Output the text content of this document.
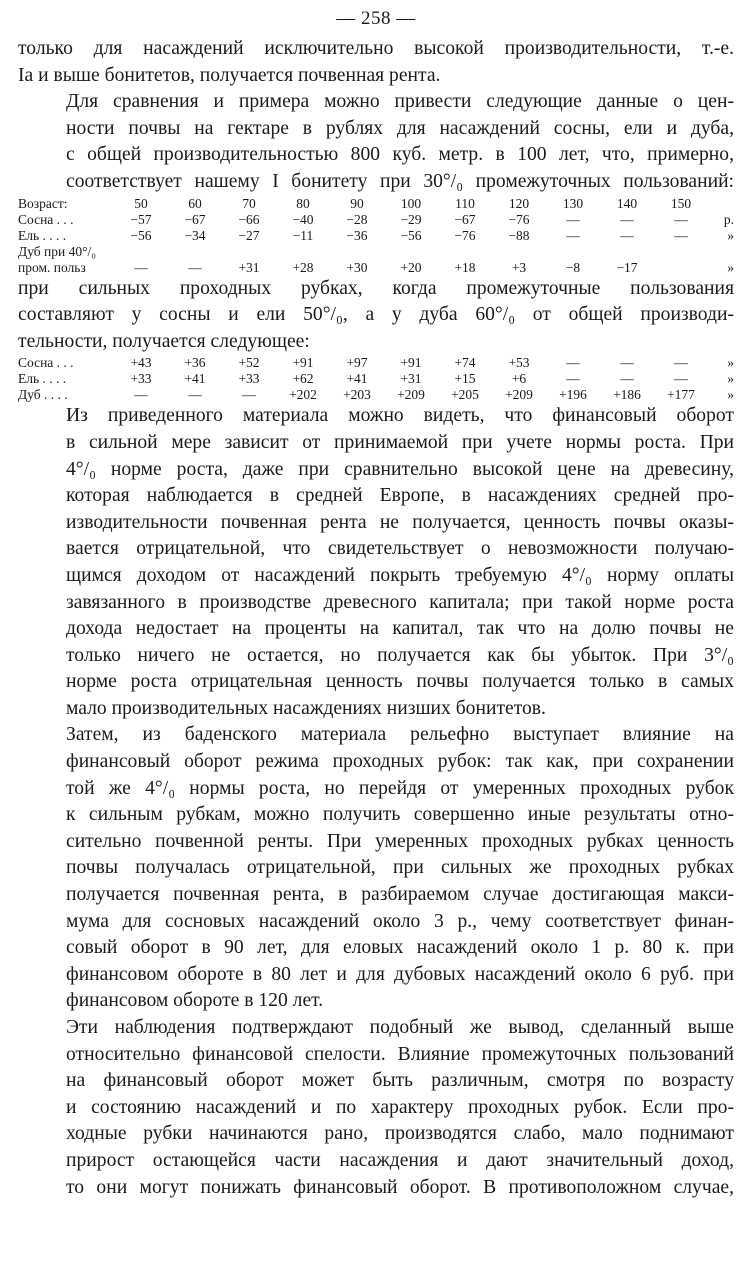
— 258 —

только для насаждений исключительно высокой производительности, т.-е.
Ia и выше бонитетов, получается почвенная рента.

Для сравнения и примера можно привести следующие данные о цен-
ности почвы на гектаре в рублях для насаждений сосны, ели и дуба,
с общей производительностью 800 куб. метр. в 100 лет, что, примерно,
соответствует нашему I бонитету при 30°/₀ промежуточных пользований:

Возраст:	50	60	70	80	90	100	110	120	130	140	150	
Сосна . . .	−57	−67	−66	−40	−28	−29	−67	−76	—	—	—	р.
Ель . . . .	−56	−34	−27	−11	−36	−56	−76	−88	—	—	—	»
Дуб при 40°/₀												
пром. польз	—	—	+31	+28	+30	+20	+18	+3	−8	−17		»

при сильных проходных рубках, когда промежуточные пользования
составляют у сосны и ели 50°/₀, а у дуба 60°/₀ от общей производи-
тельности, получается следующее:

Сосна . . .	+43	+36	+52	+91	+97	+91	+74	+53	—	—	—	»
Ель . . . .	+33	+41	+33	+62	+41	+31	+15	+6	—	—	—	»
Дуб . . . .	—	—	—	+202	+203	+209	+205	+209	+196	+186	+177	»

Из приведенного материала можно видеть, что финансовый оборот
в сильной мере зависит от принимаемой при учете нормы роста. При
4°/₀ норме роста, даже при сравнительно высокой цене на древесину,
которая наблюдается в средней Европе, в насаждениях средней про-
изводительности почвенная рента не получается, ценность почвы оказы-
вается отрицательной, что свидетельствует о невозможности получаю-
щимся доходом от насаждений покрыть требуемую 4°/₀ норму оплаты
завязанного в производстве древесного капитала; при такой норме роста
дохода недостает на проценты на капитал, так что на долю почвы не
только ничего не остается, но получается как бы убыток. При 3°/₀
норме роста отрицательная ценность почвы получается только в самых
мало производительных насаждениях низших бонитетов.

Затем, из баденского материала рельефно выступает влияние на
финансовый оборот режима проходных рубок: так как, при сохранении
той же 4°/₀ нормы роста, но перейдя от умеренных проходных рубок
к сильным рубкам, можно получить совершенно иные результаты отно-
сительно почвенной ренты. При умеренных проходных рубках ценность
почвы получалась отрицательной, при сильных же проходных рубках
получается почвенная рента, в разбираемом случае достигающая макси-
мума для сосновых насаждений около 3 р., чему соответствует финан-
совый оборот в 90 лет, для еловых насаждений около 1 р. 80 к. при
финансовом обороте в 80 лет и для дубовых насаждений около 6 руб. при
финансовом обороте в 120 лет.

Эти наблюдения подтверждают подобный же вывод, сделанный выше
относительно финансовой спелости. Влияние промежуточных пользований
на финансовый оборот может быть различным, смотря по возрасту
и состоянию насаждений и по характеру проходных рубок. Если про-
ходные рубки начинаются рано, производятся слабо, мало поднимают
прирост остающейся части насаждения и дают значительный доход,
то они могут понижать финансовый оборот. В противоположном случае,
